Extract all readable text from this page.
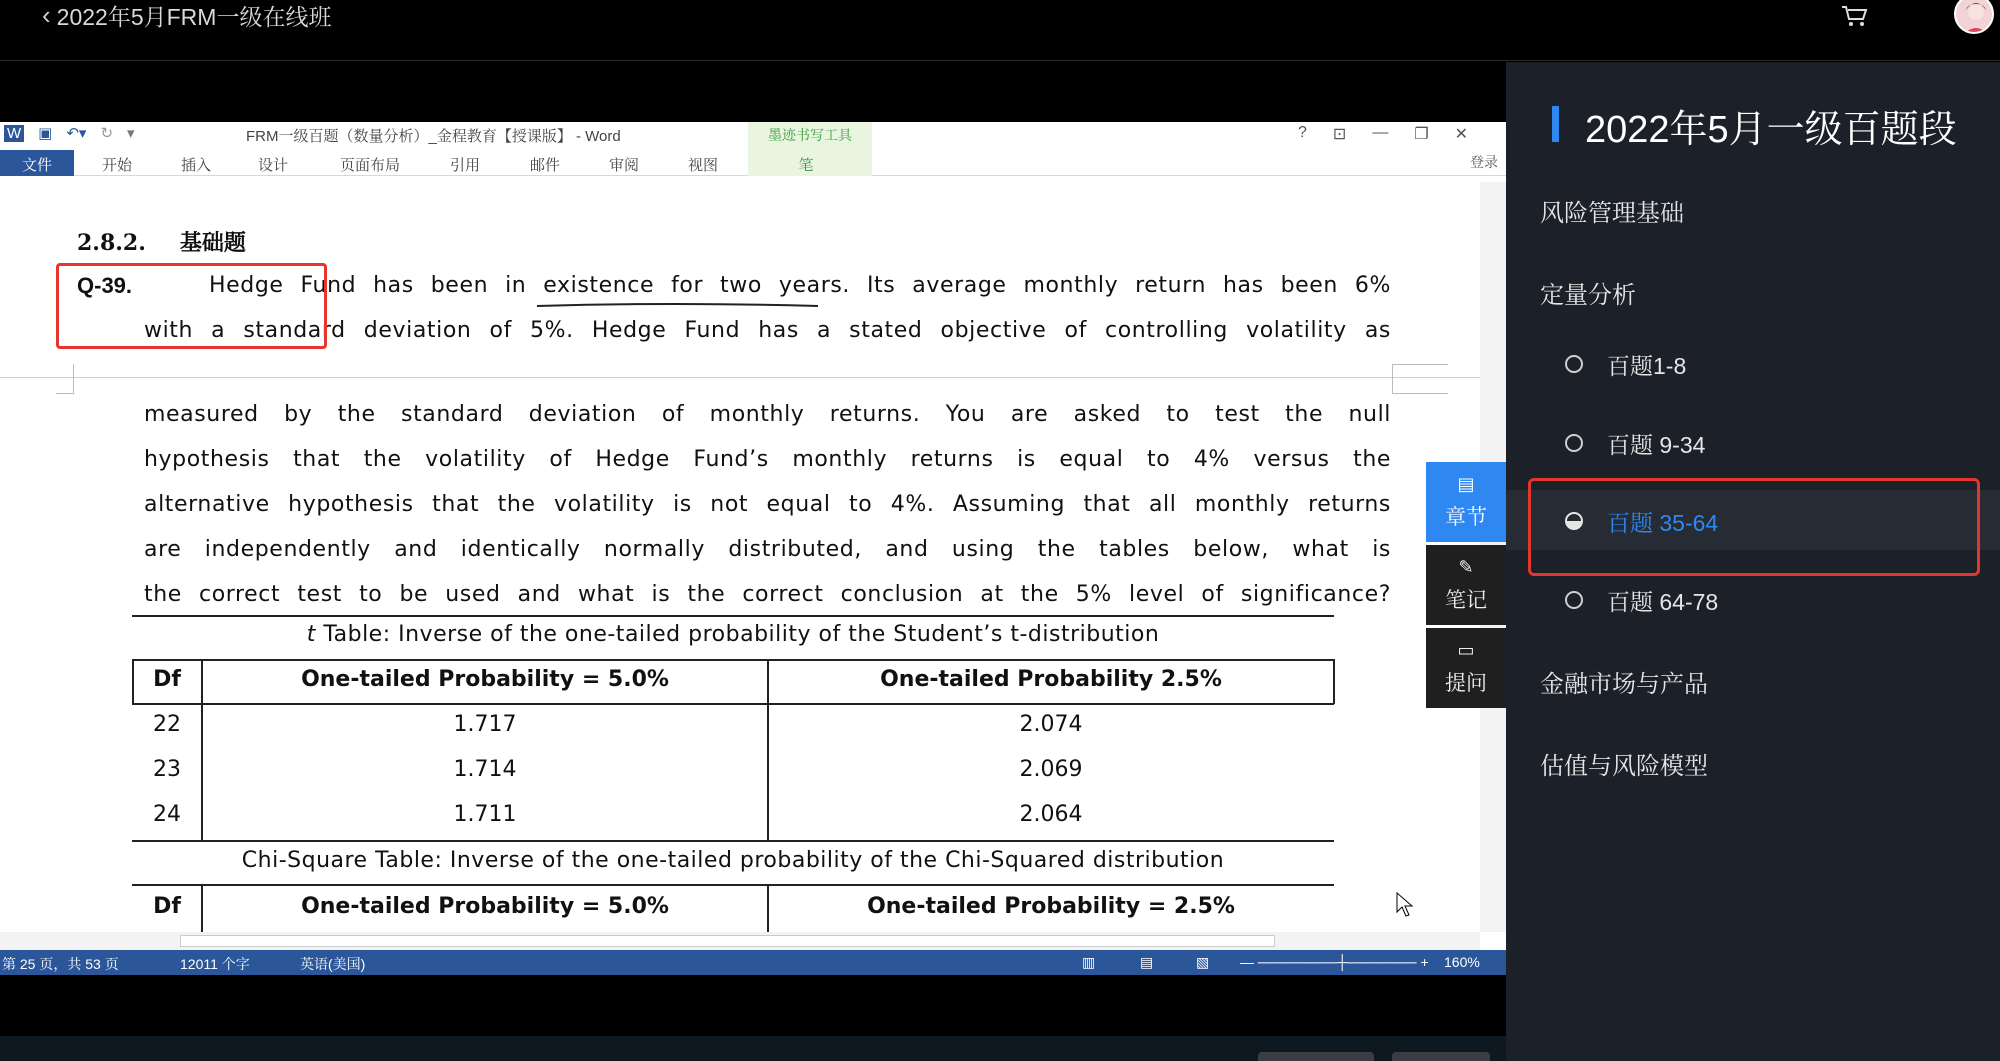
‹ 2022年5月FRM一级在线班
W ▣ ↶▾ ↻ ▾	FRM一级百题（数量分析）_金程教育【授课版】 - Word	墨迹书写工具	? ⊡ — ❐ ✕
登录
文件	开始	插入	设计	页面布局	引用	邮件	审阅	视图	笔
2.8.2. 基础题
Q-39.	Hedge Fund has been in existence for two years. Its average monthly return has been 6%
with a standard deviation of 5%. Hedge Fund has a stated objective of controlling volatility as
measured by the standard deviation of monthly returns. You are asked to test the null
hypothesis that the volatility of Hedge Fund’s monthly returns is equal to 4% versus the
alternative hypothesis that the volatility is not equal to 4%. Assuming that all monthly returns
are independently and identically normally distributed, and using the tables below, what is
the correct test to be used and what is the correct conclusion at the 5% level of significance?
t Table: Inverse of the one-tailed probability of the Student’s t-distribution
Df	One-tailed Probability = 5.0%	One-tailed Probability 2.5%
22	1.717	2.074
23	1.714	2.069
24	1.711	2.064
Chi-Square Table: Inverse of the one-tailed probability of the Chi-Squared distribution
Df	One-tailed Probability = 5.0%	One-tailed Probability = 2.5%
第 25 页，共 53 页	12011 个字	英语(美国)	▥	▤	▧ — ────────┼─────── + 160%
▤
章节
✎
笔记
▭
提问
2022年5月一级百题段
风险管理基础
定量分析
百题1-8
百题 9-34
百题 35-64
百题 64-78
金融市场与产品
估值与风险模型
